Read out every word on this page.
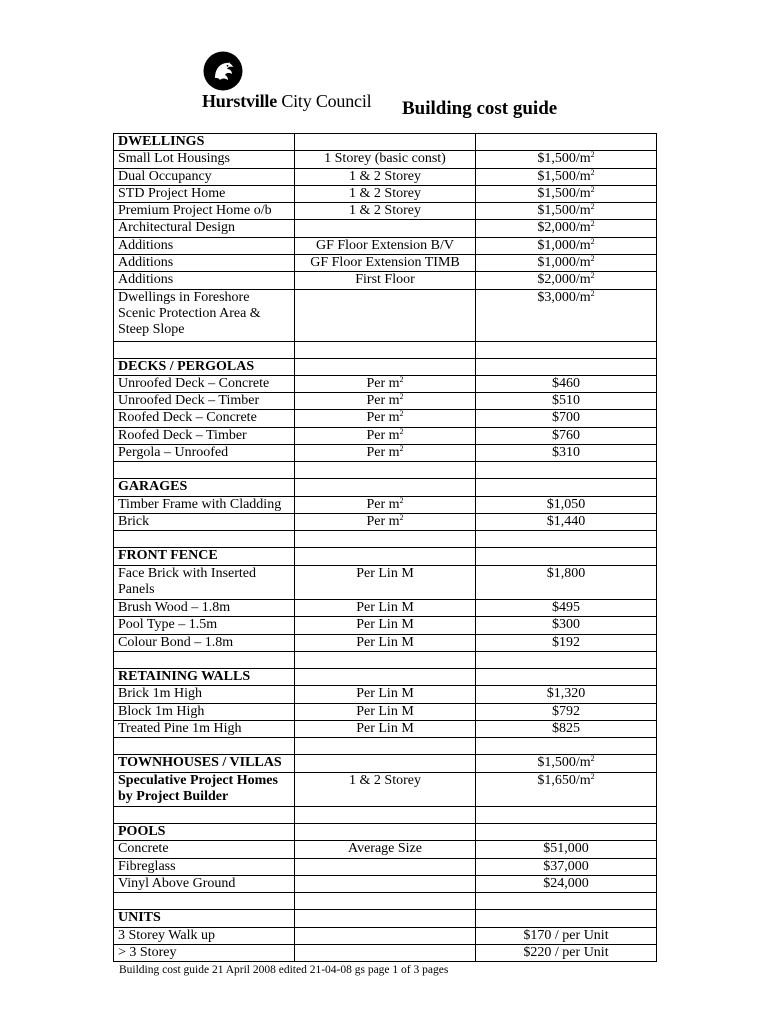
Hurstville City Council Building cost guide
DWELLINGS		
Small Lot Housings	1 Storey (basic const)	$\$1,500/m^2$
Dual Occupancy	1 & 2 Storey	$\$1,500/m^2$
STD Project Home	1 & 2 Storey	$\$1,500/m^2$
Premium Project Home o/b	1 & 2 Storey	$\$1,500/m^2$
Architectural Design		$\$2,000/m^2$
Additions	GF Floor Extension B/V	$\$1,000/m^2$
Additions	GF Floor Extension TIMB	$\$1,000/m^2$
Additions	First Floor	$\$2,000/m^2$
Dwellings in Foreshore Scenic Protection Area & Steep Slope		$\$3,000/m^2$

DECKS / PERGOLAS		
Unroofed Deck – Concrete	Per $m^2$	$460
Unroofed Deck – Timber	Per $m^2$	$510
Roofed Deck – Concrete	Per $m^2$	$700
Roofed Deck – Timber	Per $m^2$	$760
Pergola – Unroofed	Per $m^2$	$310

GARAGES		
Timber Frame with Cladding	Per $m^2$	$1,050
Brick	Per $m^2$	$1,440

FRONT FENCE		
Face Brick with Inserted Panels	Per Lin M	$1,800
Brush Wood – 1.8m	Per Lin M	$495
Pool Type – 1.5m	Per Lin M	$300
Colour Bond – 1.8m	Per Lin M	$192

RETAINING WALLS		
Brick 1m High	Per Lin M	$1,320
Block 1m High	Per Lin M	$792
Treated Pine 1m High	Per Lin M	$825

TOWNHOUSES / VILLAS		$\$1,500/m^2$
Speculative Project Homes by Project Builder	1 & 2 Storey	$\$1,650/m^2$

POOLS		
Concrete	Average Size	$51,000
Fibreglass		$37,000
Vinyl Above Ground		$24,000

UNITS		
3 Storey Walk up		$170 / per Unit
> 3 Storey		$220 / per Unit
Building cost guide 21 April 2008 edited 21-04-08 gs page 1 of 3 pages
